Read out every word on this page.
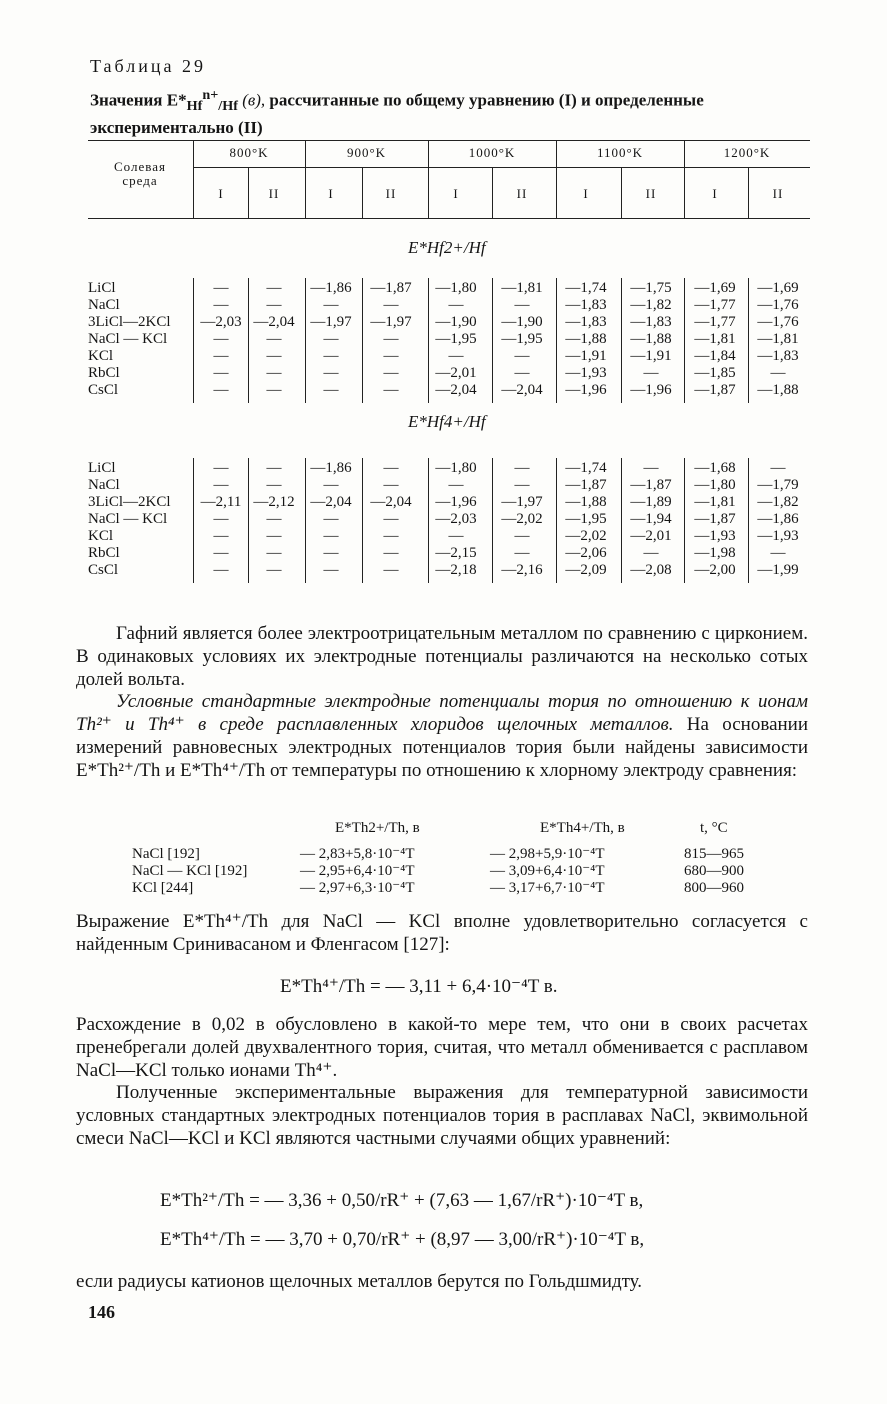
Таблица 29
Значения $E*_{Hf}^{n+}_{/Hf}$ (в), рассчитанные по общему уравнению (I) и определенные экспериментально (II)
Солевая среда
800°K	900°K	1000°K	1100°K	1200°K
I	II	I	II	I	II	I	II	I	II
E*Hf2+/Hf
LiCl	—	—	—1,86	—1,87	—1,80	—1,81	—1,74	—1,75	—1,69	—1,69
NaCl	—	—	—	—	—	—	—1,83	—1,82	—1,77	—1,76
3LiCl—2KCl	—2,03 —2,04	—1,97	—1,97	—1,90	—1,90	—1,83	—1,83	—1,77	—1,76
NaCl — KCl	—	—	—	—	—1,95	—1,95	—1,88	—1,88	—1,81	—1,81
KCl	—	—	—	—	—	—	—1,91	—1,91	—1,84	—1,83
RbCl	—	—	—	—	—2,01	—	—1,93	—	—1,85	—
CsCl	—	—	—	—	—2,04	—2,04	—1,96	—1,96	—1,87	—1,88
E*Hf4+/Hf
LiCl	—	—	—1,86	—	—1,80	—	—1,74	—	—1,68	—
NaCl	—	—	—	—	—	—	—1,87	—1,87	—1,80	—1,79
3LiCl—2KCl	—2,11 —2,12	—2,04	—2,04	—1,96	—1,97	—1,88	—1,89	—1,81	—1,82
NaCl — KCl	—	—	—	—	—2,03	—2,02	—1,95	—1,94	—1,87	—1,86
KCl	—	—	—	—	—	—	—2,02	—2,01	—1,93	—1,93
RbCl	—	—	—	—	—2,15	—	—2,06	—	—1,98	—
CsCl	—	—	—	—	—2,18	—2,16	—2,09	—2,08	—2,00	—1,99
Гафний является более электроотрицательным металлом по сравнению с цирконием. В одинаковых условиях их электродные потенциалы различаются на несколько сотых долей вольта.
Условные стандартные электродные потенциалы тория по отношению к ионам Th²⁺ и Th⁴⁺ в среде расплавленных хлоридов щелочных металлов. На основании измерений равновесных электродных потенциалов тория были найдены зависимости E*Th²⁺/Th и E*Th⁴⁺/Th от температуры по отношению к хлорному электроду сравнения:
E*Th2+/Th, в	E*Th4+/Th, в	t, °C
NaCl [192]	— 2,83+5,8·10⁻⁴T	— 2,98+5,9·10⁻⁴T	815—965
NaCl — KCl [192]	— 2,95+6,4·10⁻⁴T	— 3,09+6,4·10⁻⁴T	680—900
KCl [244]	— 2,97+6,3·10⁻⁴T	— 3,17+6,7·10⁻⁴T	800—960
Выражение E*Th⁴⁺/Th для NaCl — KCl вполне удовлетворительно согласуется с найденным Сринивасаном и Фленгасом [127]:
E*Th⁴⁺/Th = — 3,11 + 6,4·10⁻⁴T в.
Расхождение в 0,02 в обусловлено в какой-то мере тем, что они в своих расчетах пренебрегали долей двухвалентного тория, считая, что металл обменивается с расплавом NaCl—KCl только ионами Th⁴⁺.
Полученные экспериментальные выражения для температурной зависимости условных стандартных электродных потенциалов тория в расплавах NaCl, эквимольной смеси NaCl—KCl и KCl являются частными случаями общих уравнений:
E*Th²⁺/Th = — 3,36 + 0,50/rR⁺ + (7,63 — 1,67/rR⁺)·10⁻⁴T в,
E*Th⁴⁺/Th = — 3,70 + 0,70/rR⁺ + (8,97 — 3,00/rR⁺)·10⁻⁴T в,
если радиусы катионов щелочных металлов берутся по Гольдшмидту.
146
